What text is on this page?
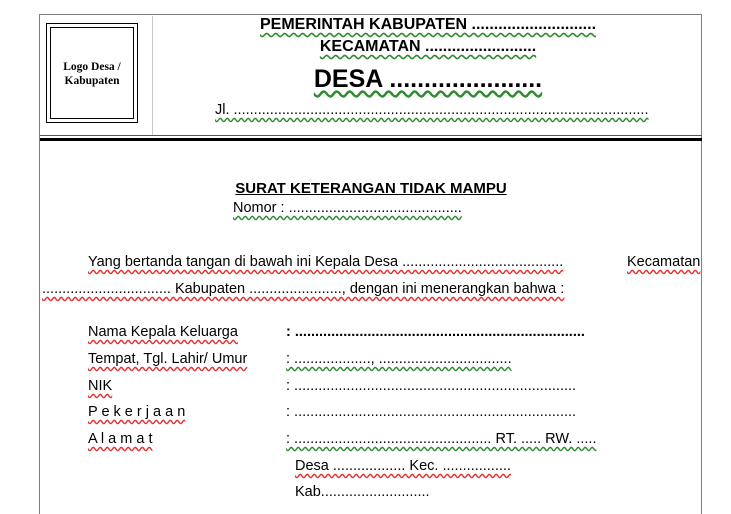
Logo Desa /
Kabupaten
PEMERINTAH KABUPATEN ............................
KECAMATAN .........................
DESA ......................
Jl. .......................................................................................................
SURAT KETERANGAN TIDAK MAMPU
Nomor : ...........................................
Yang bertanda tangan di bawah ini Kepala Desa ........................................	Kecamatan
................................ Kabupaten ......................., dengan ini menerangkan bahwa :
Nama Kepala Keluarga	: ........................................................................
Tempat, Tgl. Lahir/ Umur	: ..................., .................................
NIK	: ......................................................................
P e k e r j a a n	: ......................................................................
A l a m a t	: ................................................. RT. ..... RW. .....
Desa .................. Kec. .................
Kab...........................
